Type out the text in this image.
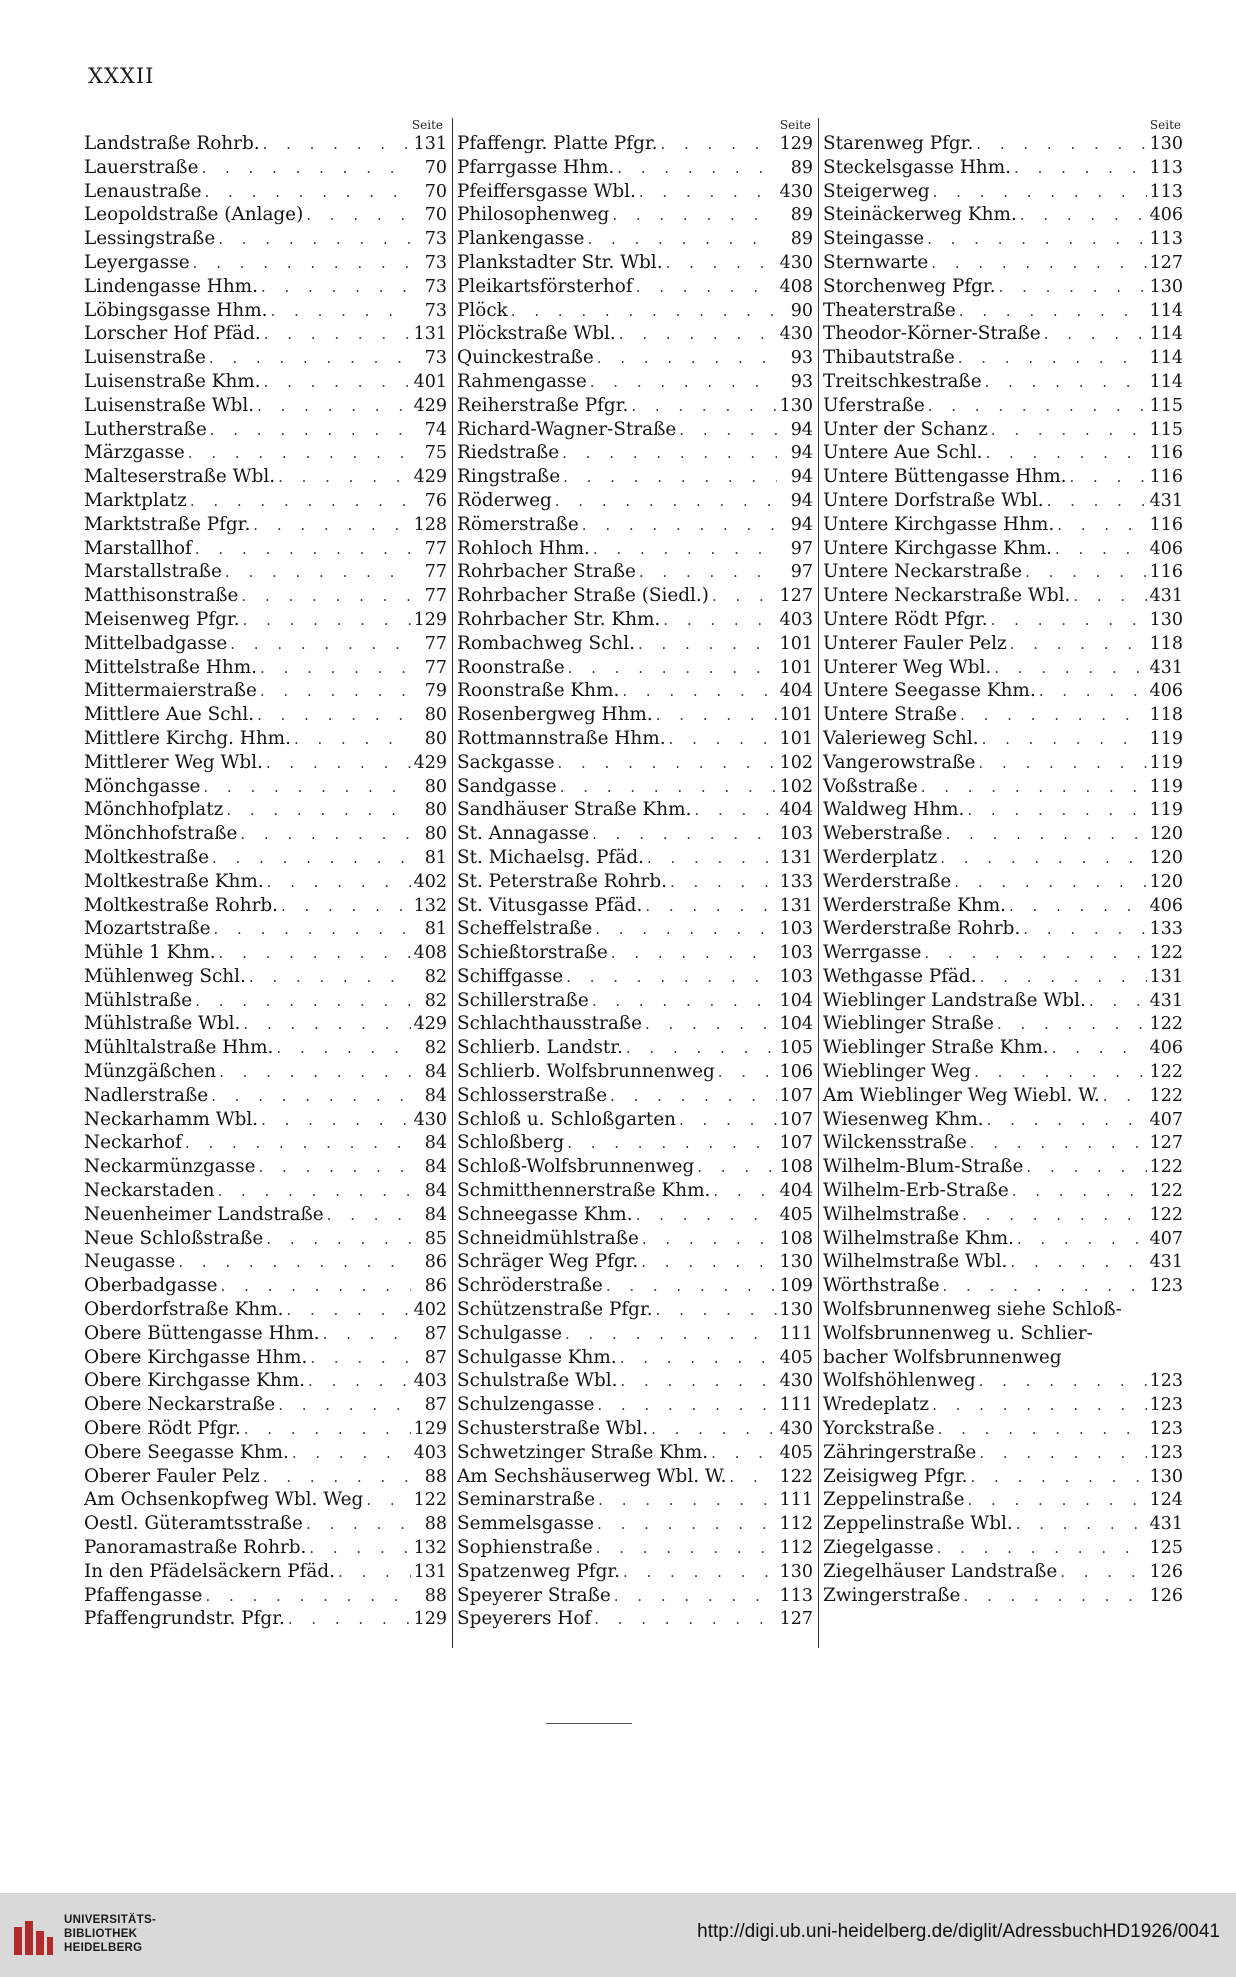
XXXII
Seite
Landstraße Rohrb. . . .	131
Lauerstraße . . .	70
Lenaustraße . . .	70
Leopoldstraße (Anlage) . . .	70
Lessingstraße . . .	73
Leyergasse . . .	73
Lindengasse Hhm. . . .	73
Löbingsgasse Hhm. . . .	73
Lorscher Hof Pfäd. . . .	131
Luisenstraße . . .	73
Luisenstraße Khm. . . .	401
Luisenstraße Wbl. . . .	429
Lutherstraße . . .	74
Märzgasse . . .	75
Malteserstraße Wbl. . . .	429
Marktplatz . . .	76
Marktstraße Pfgr. . . .	128
Marstallhof . . .	77
Marstallstraße . . .	77
Matthisonstraße . . .	77
Meisenweg Pfgr. . . .	129
Mittelbadgasse . . .	77
Mittelstraße Hhm. . . .	77
Mittermaierstraße . . .	79
Mittlere Aue Schl. . . .	80
Mittlere Kirchg. Hhm. . . .	80
Mittlerer Weg Wbl. . . .	429
Mönchgasse . . .	80
Mönchhofplatz . . .	80
Mönchhofstraße . . .	80
Moltkestraße . . .	81
Moltkestraße Khm. . . .	402
Moltkestraße Rohrb. . . .	132
Mozartstraße . . .	81
Mühle 1 Khm. . . .	408
Mühlenweg Schl. . . .	82
Mühlstraße . . .	82
Mühlstraße Wbl. . . .	429
Mühltalstraße Hhm. . . .	82
Münzgäßchen . . .	84
Nadlerstraße . . .	84
Neckarhamm Wbl. . . .	430
Neckarhof . . .	84
Neckarmünzgasse . . .	84
Neckarstaden . . .	84
Neuenheimer Landstraße . . .	84
Neue Schloßstraße . . .	85
Neugasse . . .	86
Oberbadgasse . . .	86
Oberdorfstraße Khm. . . .	402
Obere Büttengasse Hhm. . . .	87
Obere Kirchgasse Hhm. . . .	87
Obere Kirchgasse Khm. . . .	403
Obere Neckarstraße . . .	87
Obere Rödt Pfgr. . . .	129
Obere Seegasse Khm. . . .	403
Oberer Fauler Pelz . . .	88
Am Ochsenkopfweg Wbl. Weg . . .	122
Oestl. Güteramtsstraße . . .	88
Panoramastraße Rohrb. . . .	132
In den Pfädelsäckern Pfäd. . . .	131
Pfaffengasse . . .	88
Pfaffengrundstr. Pfgr. . . .	129
Seite
Pfaffengr. Platte Pfgr. . . .	129
Pfarrgasse Hhm. . . .	89
Pfeiffersgasse Wbl. . . .	430
Philosophenweg . . .	89
Plankengasse . . .	89
Plankstadter Str. Wbl. . . .	430
Pleikartsförsterhof . . .	408
Plöck . . .	90
Plöckstraße Wbl. . . .	430
Quinckestraße . . .	93
Rahmengasse . . .	93
Reiherstraße Pfgr. . . .	130
Richard-Wagner-Straße . . .	94
Riedstraße . . .	94
Ringstraße . . .	94
Röderweg . . .	94
Römerstraße . . .	94
Rohloch Hhm. . . .	97
Rohrbacher Straße . . .	97
Rohrbacher Straße (Siedl.) . . .	127
Rohrbacher Str. Khm. . . .	403
Rombachweg Schl. . . .	101
Roonstraße . . .	101
Roonstraße Khm. . . .	404
Rosenbergweg Hhm. . . .	101
Rottmannstraße Hhm. . . .	101
Sackgasse . . .	102
Sandgasse . . .	102
Sandhäuser Straße Khm. . . .	404
St. Annagasse . . .	103
St. Michaelsg. Pfäd. . . .	131
St. Peterstraße Rohrb. . . .	133
St. Vitusgasse Pfäd. . . .	131
Scheffelstraße . . .	103
Schießtorstraße . . .	103
Schiffgasse . . .	103
Schillerstraße . . .	104
Schlachthausstraße . . .	104
Schlierb. Landstr. . . .	105
Schlierb. Wolfsbrunnenweg . . .	106
Schlosserstraße . . .	107
Schloß u. Schloßgarten . . .	107
Schloßberg . . .	107
Schloß-Wolfsbrunnenweg . . .	108
Schmitthennerstraße Khm. . . .	404
Schneegasse Khm. . . .	405
Schneidmühlstraße . . .	108
Schräger Weg Pfgr. . . .	130
Schröderstraße . . .	109
Schützenstraße Pfgr. . . .	130
Schulgasse . . .	111
Schulgasse Khm. . . .	405
Schulstraße Wbl. . . .	430
Schulzengasse . . .	111
Schusterstraße Wbl. . . .	430
Schwetzinger Straße Khm. . . .	405
Am Sechshäuserweg Wbl. W. . . .	122
Seminarstraße . . .	111
Semmelsgasse . . .	112
Sophienstraße . . .	112
Spatzenweg Pfgr. . . .	130
Speyerer Straße . . .	113
Speyerers Hof . . .	127
Seite
Starenweg Pfgr. . . .	130
Steckelsgasse Hhm. . . .	113
Steigerweg . . .	113
Steinäckerweg Khm. . . .	406
Steingasse . . .	113
Sternwarte . . .	127
Storchenweg Pfgr. . . .	130
Theaterstraße . . .	114
Theodor-Körner-Straße . . .	114
Thibautstraße . . .	114
Treitschkestraße . . .	114
Uferstraße . . .	115
Unter der Schanz . . .	115
Untere Aue Schl. . . .	116
Untere Büttengasse Hhm. . . .	116
Untere Dorfstraße Wbl. . . .	431
Untere Kirchgasse Hhm. . . .	116
Untere Kirchgasse Khm. . . .	406
Untere Neckarstraße . . .	116
Untere Neckarstraße Wbl. . . .	431
Untere Rödt Pfgr. . . .	130
Unterer Fauler Pelz . . .	118
Unterer Weg Wbl. . . .	431
Untere Seegasse Khm. . . .	406
Untere Straße . . .	118
Valerieweg Schl. . . .	119
Vangerowstraße . . .	119
Voßstraße . . .	119
Waldweg Hhm. . . .	119
Weberstraße . . .	120
Werderplatz . . .	120
Werderstraße . . .	120
Werderstraße Khm. . . .	406
Werderstraße Rohrb. . . .	133
Werrgasse . . .	122
Wethgasse Pfäd. . . .	131
Wieblinger Landstraße Wbl. . . .	431
Wieblinger Straße . . .	122
Wieblinger Straße Khm. . . .	406
Wieblinger Weg . . .	122
Am Wieblinger Weg Wiebl. W. . . .	122
Wiesenweg Khm. . . .	407
Wilckensstraße . . .	127
Wilhelm-Blum-Straße . . .	122
Wilhelm-Erb-Straße . . .	122
Wilhelmstraße . . .	122
Wilhelmstraße Khm. . . .	407
Wilhelmstraße Wbl. . . .	431
Wörthstraße . . .	123
Wolfsbrunnenweg siehe Schloß-
Wolfsbrunnenweg u. Schlier-
bacher Wolfsbrunnenweg
Wolfshöhlenweg . . .	123
Wredeplatz . . .	123
Yorckstraße . . .	123
Zähringerstraße . . .	123
Zeisigweg Pfgr. . . .	130
Zeppelinstraße . . .	124
Zeppelinstraße Wbl. . . .	431
Ziegelgasse . . .	125
Ziegelhäuser Landstraße . . .	126
Zwingerstraße . . .	126
UNIVERSITÄTS-
BIBLIOTHEK
HEIDELBERG
http://digi.ub.uni-heidelberg.de/diglit/AdressbuchHD1926/0041
